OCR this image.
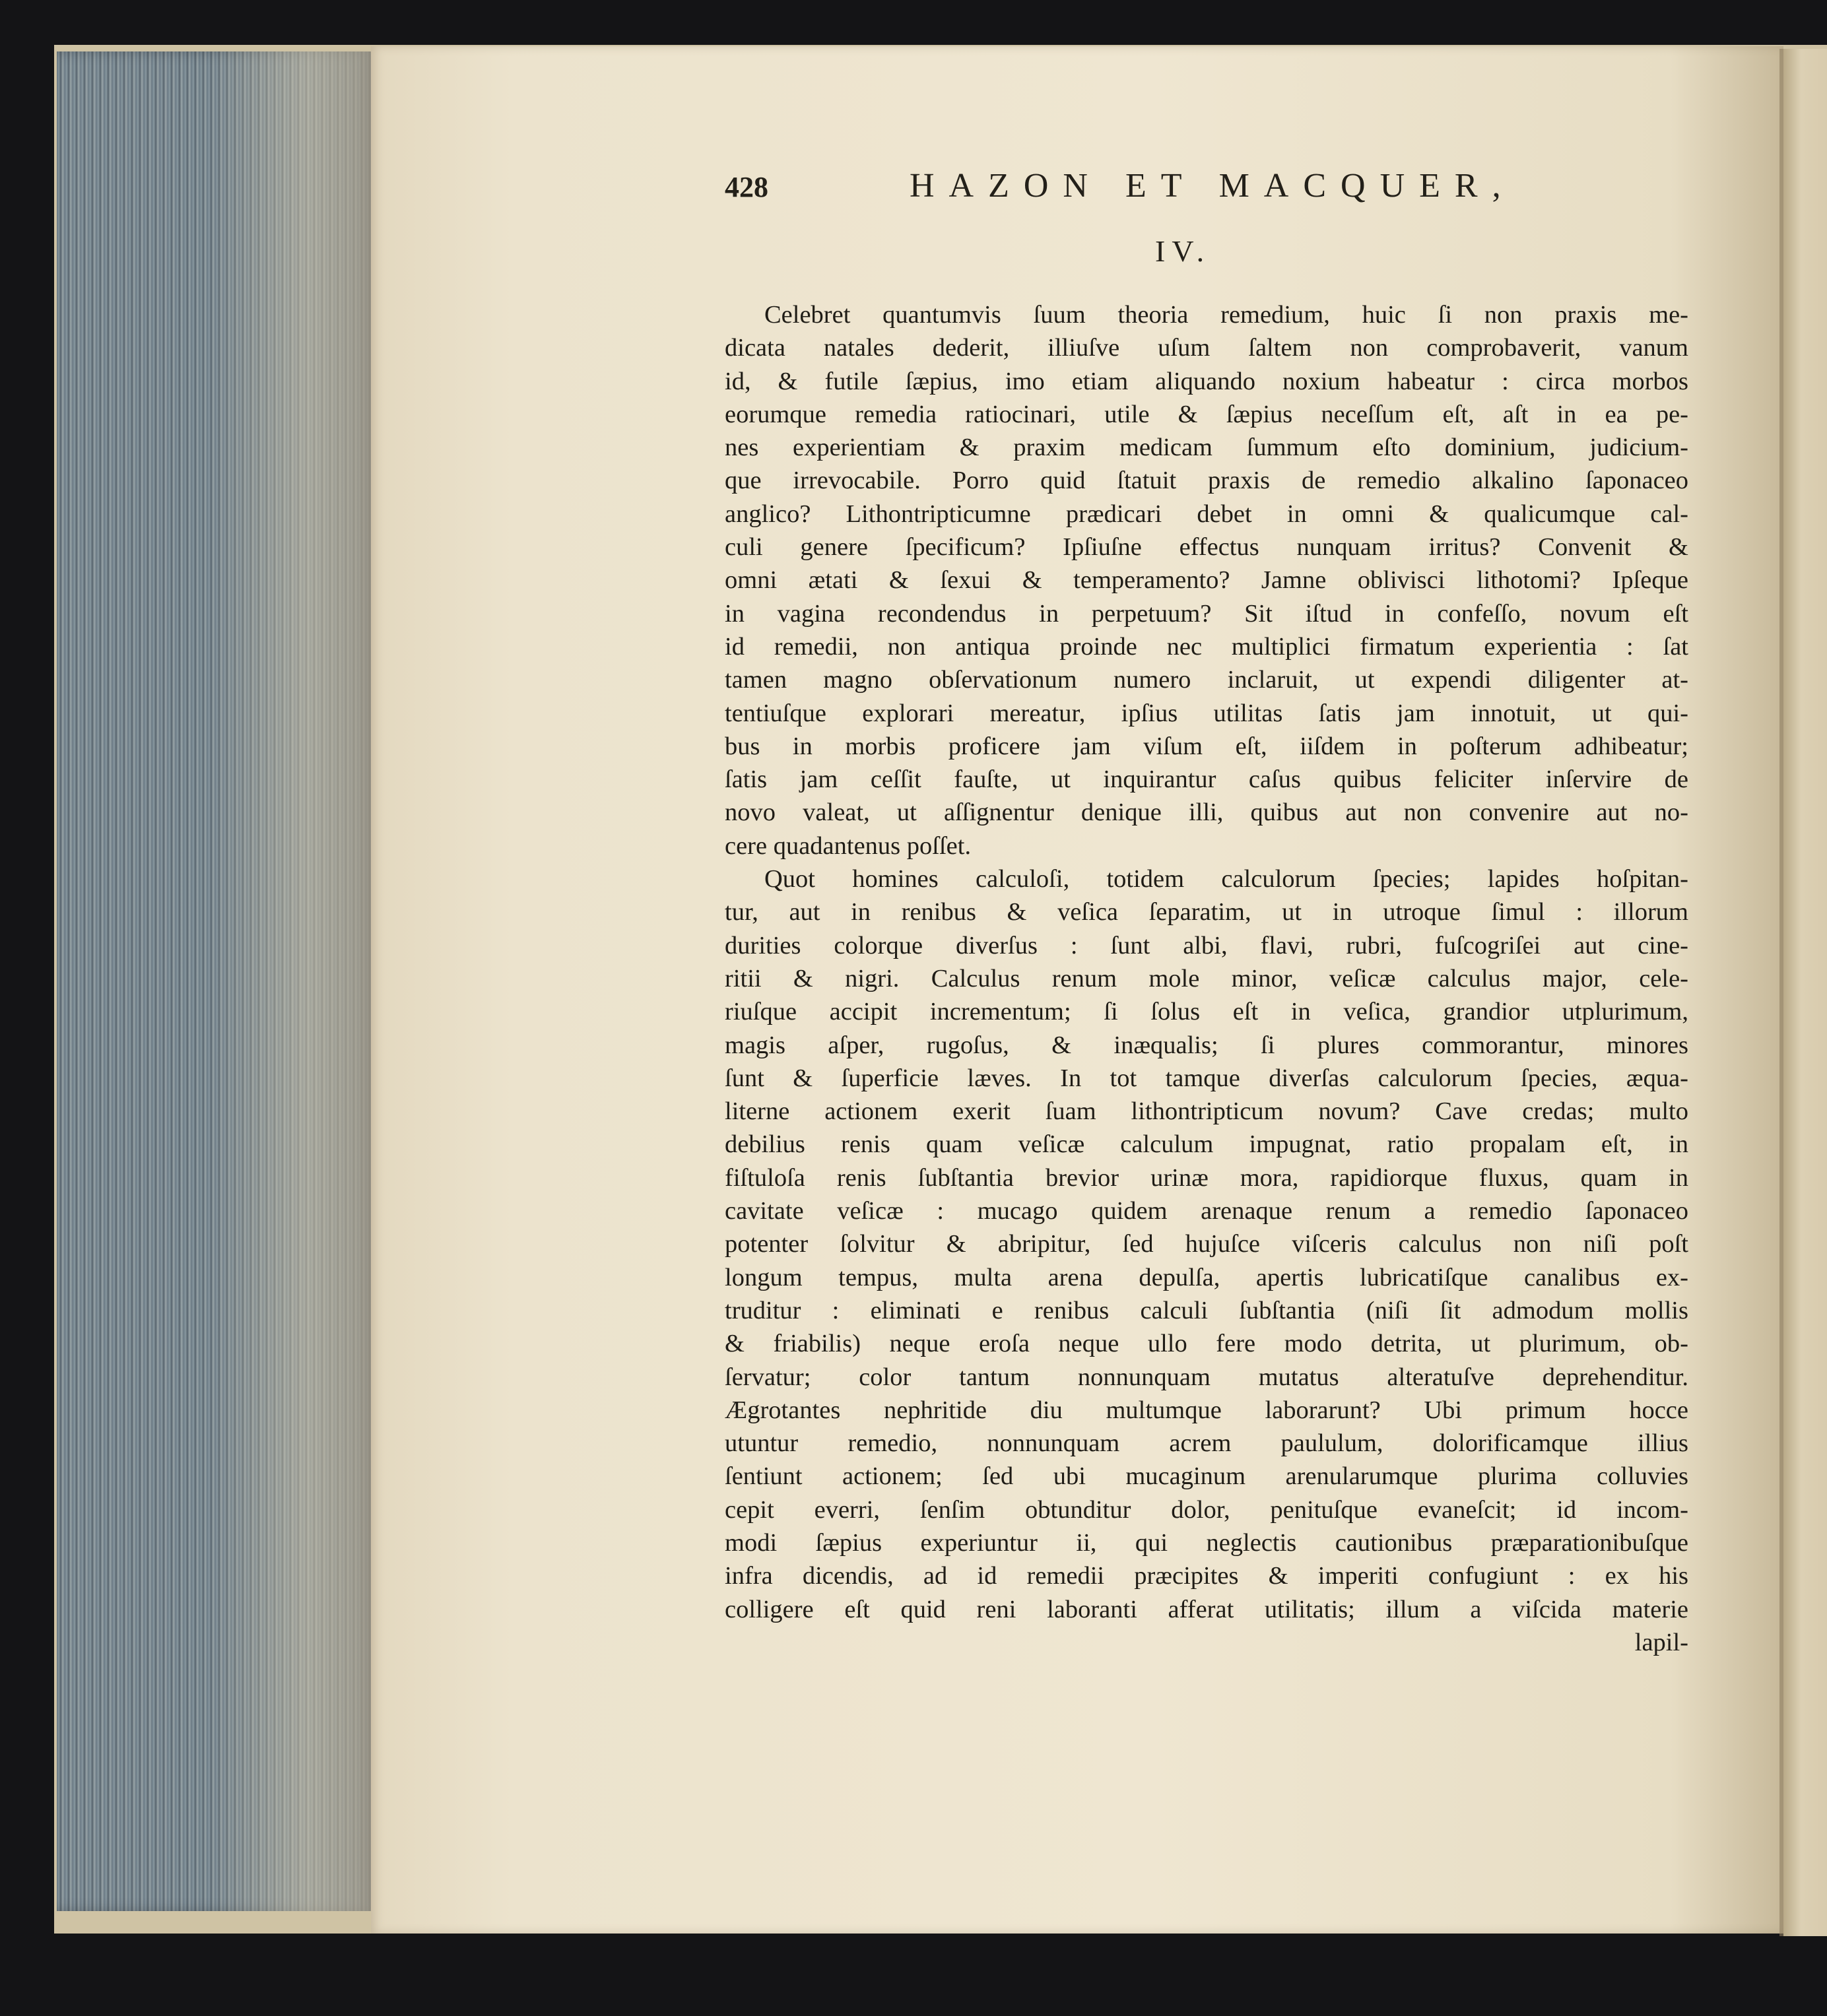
428	HAZON ET MACQUER,
IV.
Celebret quantumvis ſuum theoria remedium, huic ſi non praxis me-
dicata natales dederit, illiuſve uſum ſaltem non comprobaverit, vanum
id, & futile ſæpius, imo etiam aliquando noxium habeatur : circa morbos
eorumque remedia ratiocinari, utile & ſæpius neceſſum eſt, aſt in ea pe-
nes experientiam & praxim medicam ſummum eſto dominium, judicium-
que irrevocabile. Porro quid ſtatuit praxis de remedio alkalino ſaponaceo
anglico? Lithontripticumne prædicari debet in omni & qualicumque cal-
culi genere ſpecificum? Ipſiuſne effectus nunquam irritus? Convenit &
omni ætati & ſexui & temperamento? Jamne oblivisci lithotomi? Ipſeque
in vagina recondendus in perpetuum? Sit iſtud in confeſſo, novum eſt
id remedii, non antiqua proinde nec multiplici firmatum experientia : ſat
tamen magno obſervationum numero inclaruit, ut expendi diligenter at-
tentiuſque explorari mereatur, ipſius utilitas ſatis jam innotuit, ut qui-
bus in morbis proficere jam viſum eſt, iiſdem in poſterum adhibeatur;
ſatis jam ceſſit fauſte, ut inquirantur caſus quibus feliciter inſervire de
novo valeat, ut aſſignentur denique illi, quibus aut non convenire aut no-
cere quadantenus poſſet.
Quot homines calculoſi, totidem calculorum ſpecies; lapides hoſpitan-
tur, aut in renibus & veſica ſeparatim, ut in utroque ſimul : illorum
durities colorque diverſus : ſunt albi, flavi, rubri, fuſcogriſei aut cine-
ritii & nigri. Calculus renum mole minor, veſicæ calculus major, cele-
riuſque accipit incrementum; ſi ſolus eſt in veſica, grandior utplurimum,
magis aſper, rugoſus, & inæqualis; ſi plures commorantur, minores
ſunt & ſuperficie læves. In tot tamque diverſas calculorum ſpecies, æqua-
literne actionem exerit ſuam lithontripticum novum? Cave credas; multo
debilius renis quam veſicæ calculum impugnat, ratio propalam eſt, in
fiſtuloſa renis ſubſtantia brevior urinæ mora, rapidiorque fluxus, quam in
cavitate veſicæ : mucago quidem arenaque renum a remedio ſaponaceo
potenter ſolvitur & abripitur, ſed hujuſce viſceris calculus non niſi poſt
longum tempus, multa arena depulſa, apertis lubricatiſque canalibus ex-
truditur : eliminati e renibus calculi ſubſtantia (niſi ſit admodum mollis
& friabilis) neque eroſa neque ullo fere modo detrita, ut plurimum, ob-
ſervatur; color tantum nonnunquam mutatus alteratuſve deprehenditur.
Ægrotantes nephritide diu multumque laborarunt? Ubi primum hocce
utuntur remedio, nonnunquam acrem paululum, dolorificamque illius
ſentiunt actionem; ſed ubi mucaginum arenularumque plurima colluvies
cepit everri, ſenſim obtunditur dolor, penituſque evaneſcit; id incom-
modi ſæpius experiuntur ii, qui neglectis cautionibus præparationibuſque
infra dicendis, ad id remedii præcipites & imperiti confugiunt : ex his
colligere eſt quid reni laboranti afferat utilitatis; illum a viſcida materie
lapil-
